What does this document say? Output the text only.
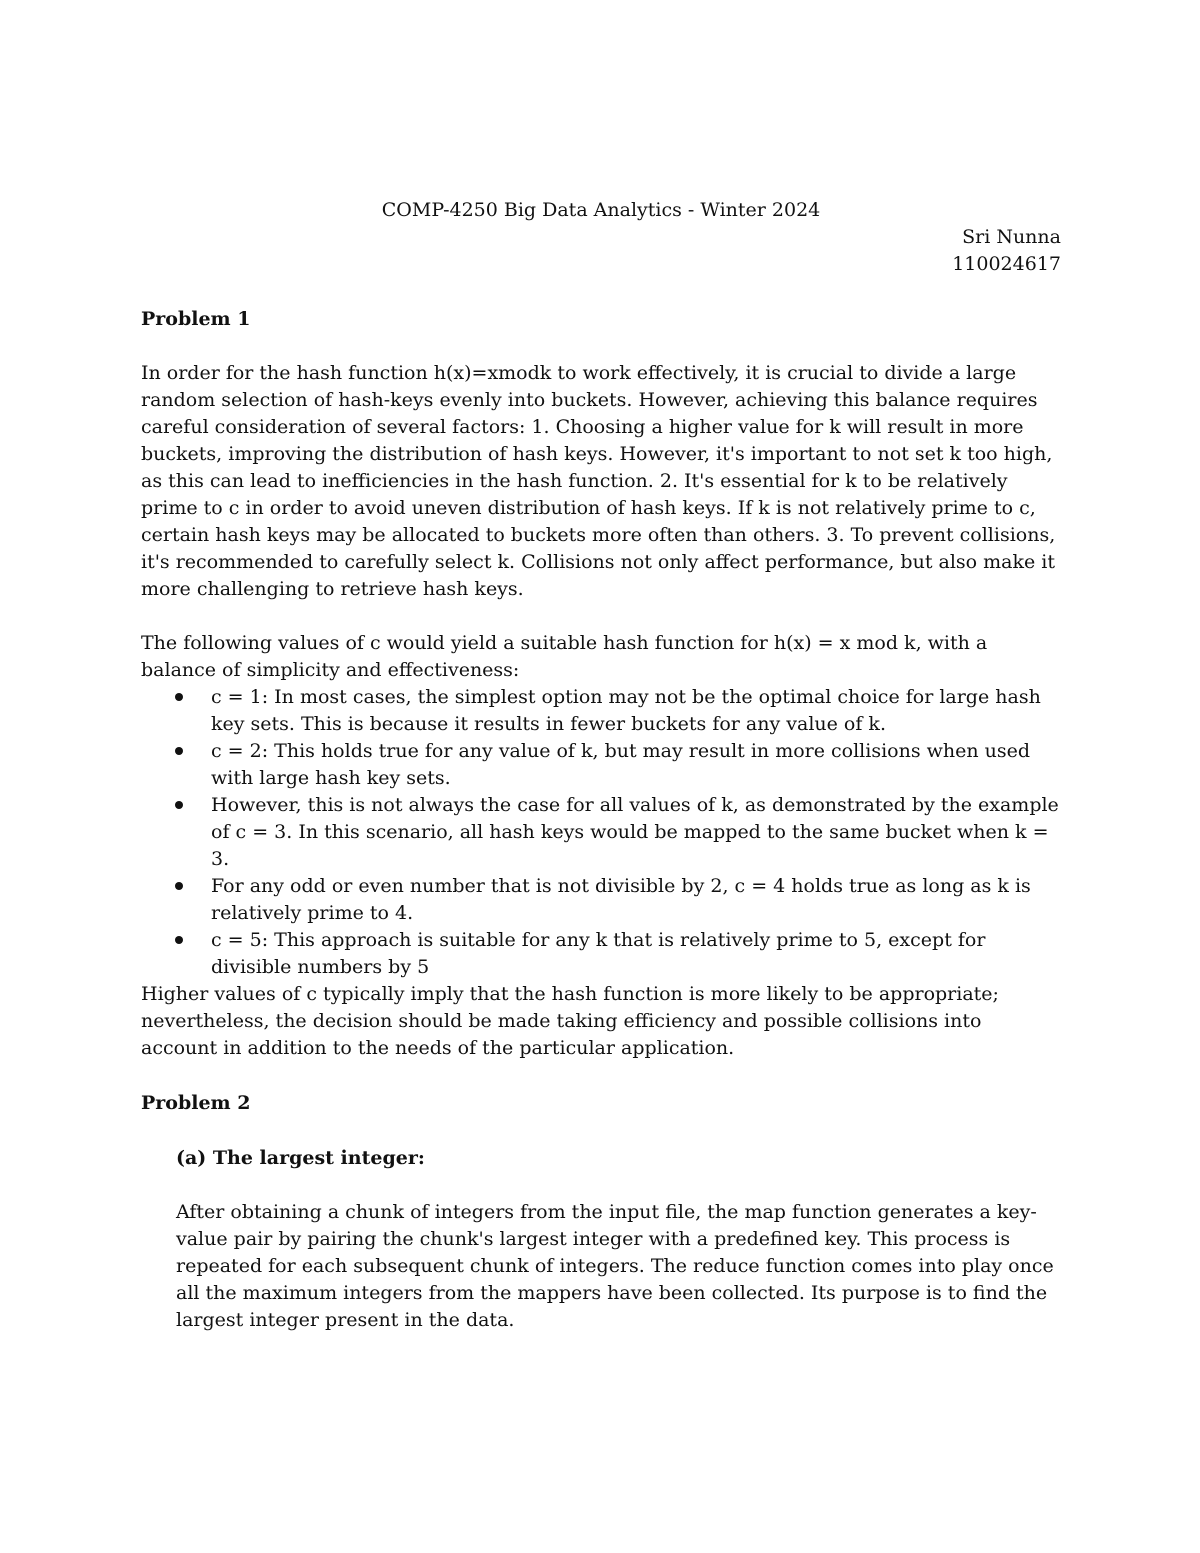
COMP-4250 Big Data Analytics - Winter 2024
Sri Nunna
110024617
Problem 1

In order for the hash function h(x)=xmodk to work effectively, it is crucial to divide a large random selection of hash-keys evenly into buckets. However, achieving this balance requires careful consideration of several factors: 1. Choosing a higher value for k will result in more buckets, improving the distribution of hash keys. However, it's important to not set k too high, as this can lead to inefficiencies in the hash function. 2. It's essential for k to be relatively prime to c in order to avoid uneven distribution of hash keys. If k is not relatively prime to c, certain hash keys may be allocated to buckets more often than others. 3. To prevent collisions, it's recommended to carefully select k. Collisions not only affect performance, but also make it more challenging to retrieve hash keys.

The following values of c would yield a suitable hash function for h(x) = x mod k, with a balance of simplicity and effectiveness:

c = 1: In most cases, the simplest option may not be the optimal choice for large hash key sets. This is because it results in fewer buckets for any value of k.
c = 2: This holds true for any value of k, but may result in more collisions when used with large hash key sets.
However, this is not always the case for all values of k, as demonstrated by the example of c = 3. In this scenario, all hash keys would be mapped to the same bucket when k = 3.
For any odd or even number that is not divisible by 2, c = 4 holds true as long as k is relatively prime to 4.
c = 5: This approach is suitable for any k that is relatively prime to 5, except for divisible numbers by 5

Higher values of c typically imply that the hash function is more likely to be appropriate; nevertheless, the decision should be made taking efficiency and possible collisions into account in addition to the needs of the particular application.

Problem 2
(a) The largest integer:

After obtaining a chunk of integers from the input file, the map function generates a key-value pair by pairing the chunk's largest integer with a predefined key. This process is repeated for each subsequent chunk of integers. The reduce function comes into play once all the maximum integers from the mappers have been collected. Its purpose is to find the largest integer present in the data.
